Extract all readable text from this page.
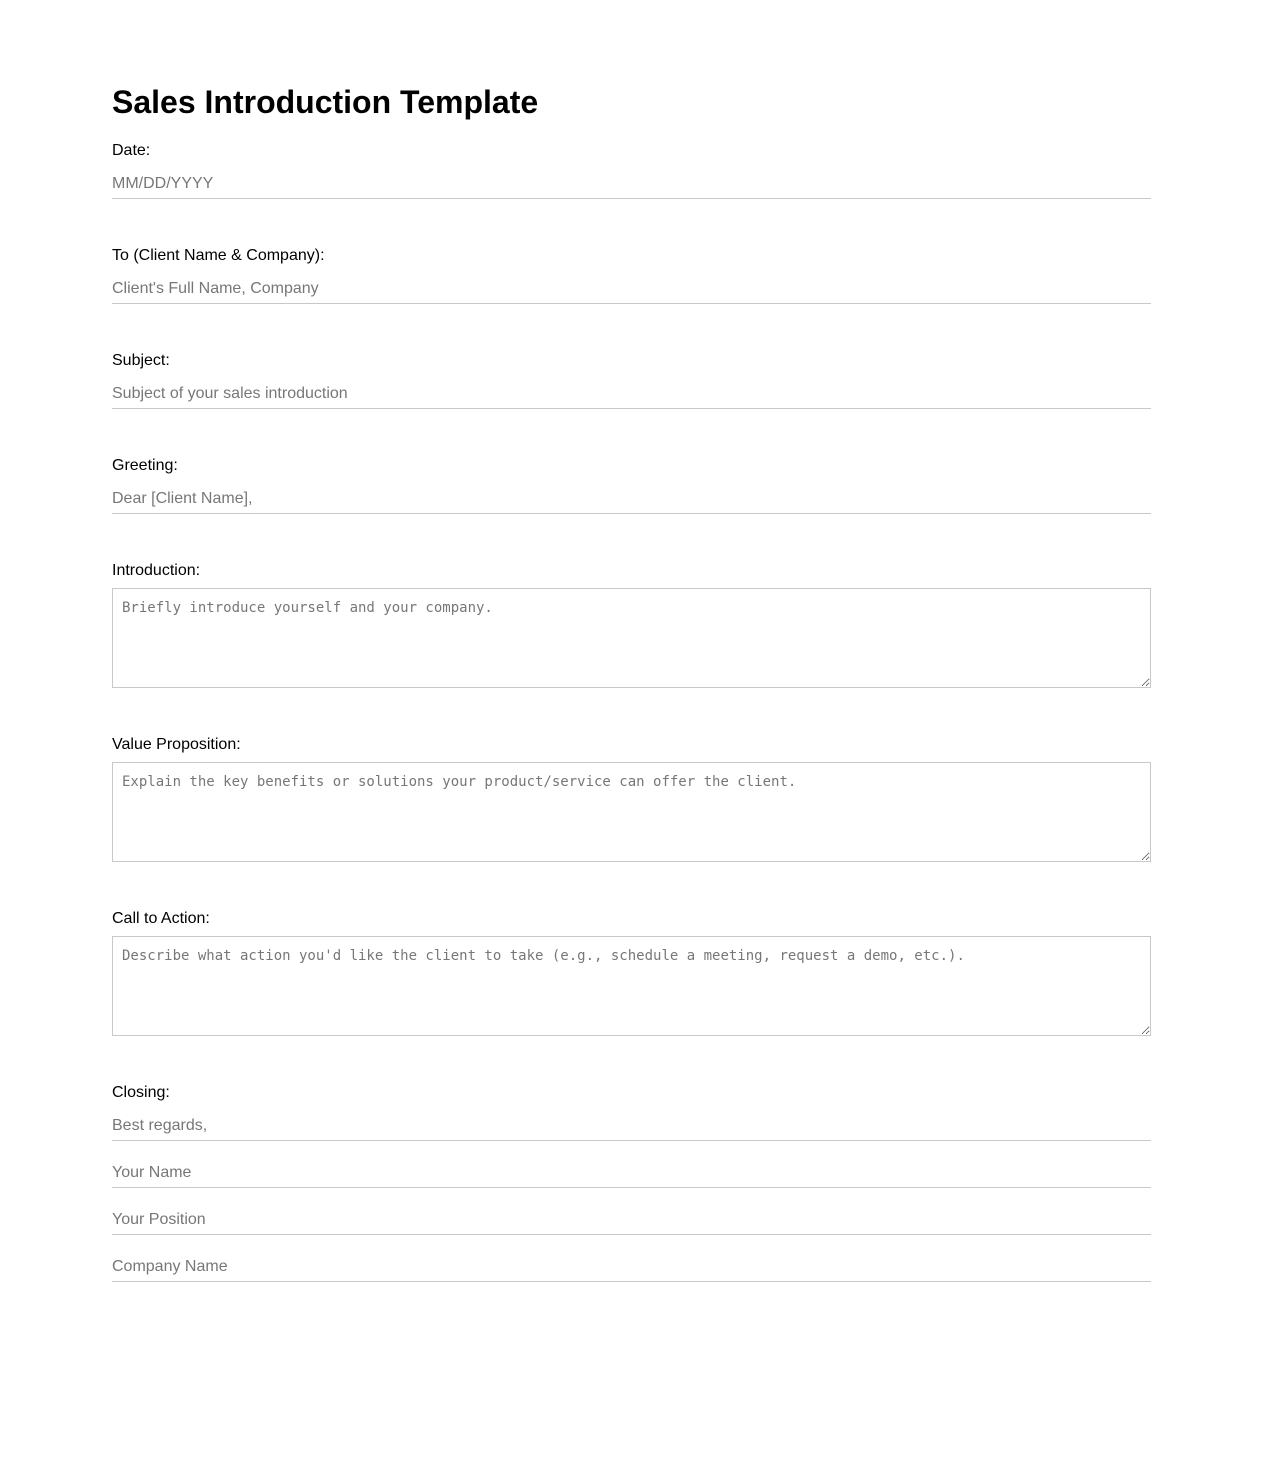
Sales Introduction Template
Date:
MM/DD/YYYY
To (Client Name & Company):
Client's Full Name, Company
Subject:
Subject of your sales introduction
Greeting:
Dear [Client Name],
Introduction:
Briefly introduce yourself and your company.
Value Proposition:
Explain the key benefits or solutions your product/service can offer the client.
Call to Action:
Describe what action you'd like the client to take (e.g., schedule a meeting, request a demo, etc.).
Closing:
Best regards,
Your Name
Your Position
Company Name
